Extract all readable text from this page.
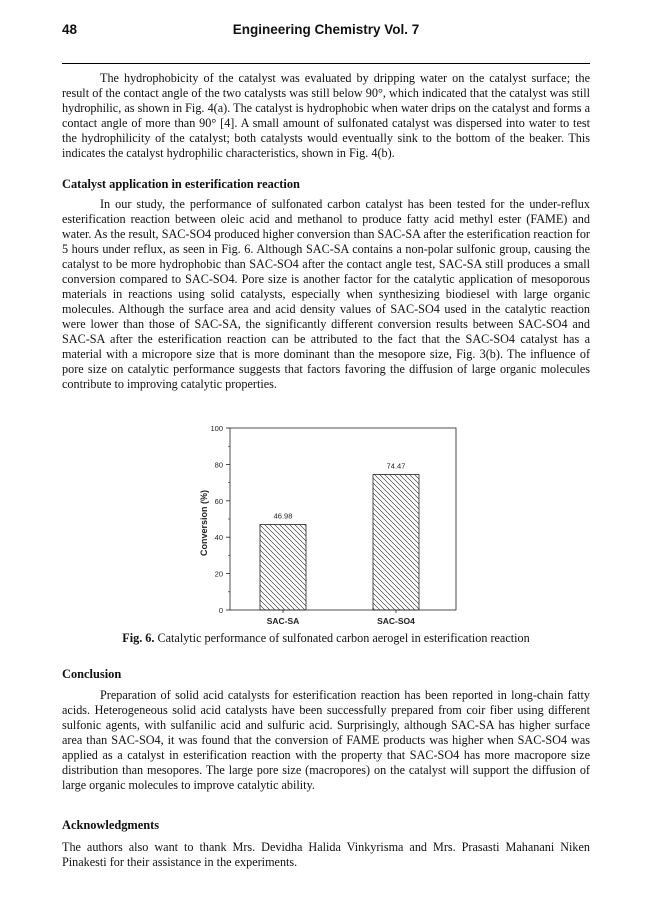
48	Engineering Chemistry Vol. 7

The hydrophobicity of the catalyst was evaluated by dripping water on the catalyst surface; the result of the contact angle of the two catalysts was still below 90°, which indicated that the catalyst was still hydrophilic, as shown in Fig. 4(a). The catalyst is hydrophobic when water drips on the catalyst and forms a contact angle of more than 90° [4]. A small amount of sulfonated catalyst was dispersed into water to test the hydrophilicity of the catalyst; both catalysts would eventually sink to the bottom of the beaker. This indicates the catalyst hydrophilic characteristics, shown in Fig. 4(b).

Catalyst application in esterification reaction

In our study, the performance of sulfonated carbon catalyst has been tested for the under-reflux esterification reaction between oleic acid and methanol to produce fatty acid methyl ester (FAME) and water. As the result, SAC-SO4 produced higher conversion than SAC-SA after the esterification reaction for 5 hours under reflux, as seen in Fig. 6. Although SAC-SA contains a non-polar sulfonic group, causing the catalyst to be more hydrophobic than SAC-SO4 after the contact angle test, SAC-SA still produces a small conversion compared to SAC-SO4. Pore size is another factor for the catalytic application of mesoporous materials in reactions using solid catalysts, especially when synthesizing biodiesel with large organic molecules. Although the surface area and acid density values of SAC-SO4 used in the catalytic reaction were lower than those of SAC-SA, the significantly different conversion results between SAC-SO4 and SAC-SA after the esterification reaction can be attributed to the fact that the SAC-SO4 catalyst has a material with a micropore size that is more dominant than the mesopore size, Fig. 3(b). The influence of pore size on catalytic performance suggests that factors favoring the diffusion of large organic molecules contribute to improving catalytic properties.

0
20
40
60
80
100
Conversion (%)	46.98
SAC-SA
74.47
SAC-SO4
Fig. 6. Catalytic performance of sulfonated carbon aerogel in esterification reaction

Conclusion

Preparation of solid acid catalysts for esterification reaction has been reported in long-chain fatty acids. Heterogeneous solid acid catalysts have been successfully prepared from coir fiber using different sulfonic agents, with sulfanilic acid and sulfuric acid. Surprisingly, although SAC-SA has higher surface area than SAC-SO4, it was found that the conversion of FAME products was higher when SAC-SO4 was applied as a catalyst in esterification reaction with the property that SAC-SO4 has more macropore size distribution than mesopores. The large pore size (macropores) on the catalyst will support the diffusion of large organic molecules to improve catalytic ability.

Acknowledgments

The authors also want to thank Mrs. Devidha Halida Vinkyrisma and Mrs. Prasasti Mahanani Niken Pinakesti for their assistance in the experiments.
